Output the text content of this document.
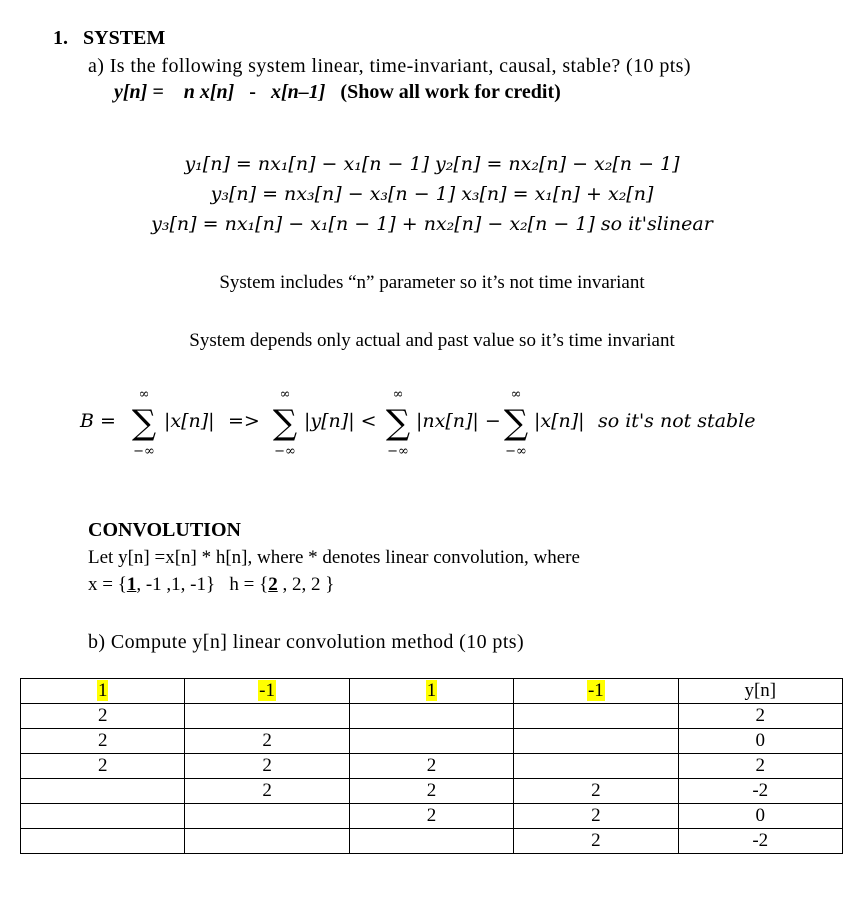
1. SYSTEM
a) Is the following system linear, time-invariant, causal, stable? (10 pts)
y[n] = n x[n] - x[n–1] (Show all work for credit)
y₁[n] = nx₁[n] − x₁[n − 1] y₂[n] = nx₂[n] − x₂[n − 1]
y₃[n] = nx₃[n] − x₃[n − 1] x₃[n] = x₁[n] + x₂[n]
y₃[n] = nx₁[n] − x₁[n − 1] + nx₂[n] − x₂[n − 1] so it'slinear
System includes “n” parameter so it’s not time invariant
System depends only actual and past value so it’s time invariant
B =
∞
∑
−∞
|x[n]| =>
∞
∑
−∞
|y[n]| <
∞
∑
−∞
|nx[n]| −
∞
∑
−∞
|x[n]| so it's not stable
CONVOLUTION
Let y[n] =x[n] * h[n], where * denotes linear convolution, where
x = {1, -1 ,1, -1} h = {2 , 2, 2 }
b) Compute y[n] linear convolution method (10 pts)
1	-1	1	-1	y[n]
2				2
2	2			0
2	2	2		2
	2	2	2	-2
		2	2	0
			2	-2
